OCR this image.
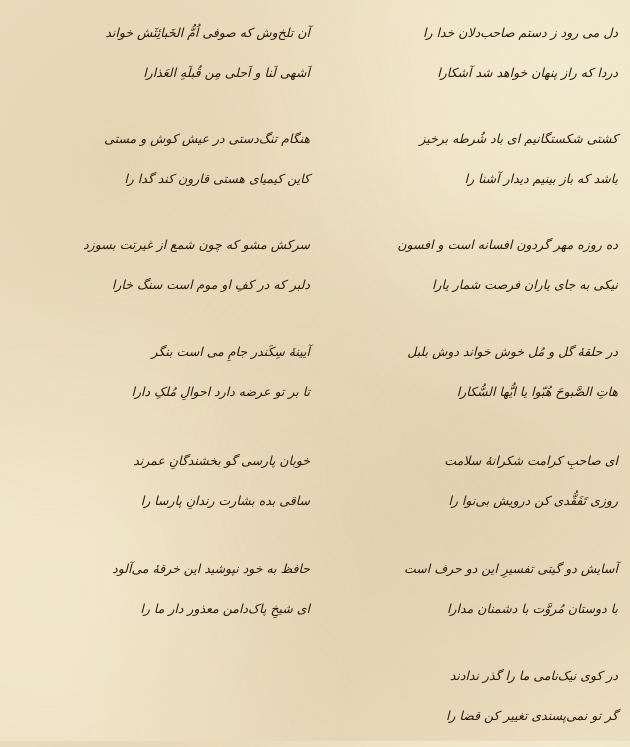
دل می رود ز دستم صاحب‌دلان خدا را
دردا که راز پنهان خواهد شد آشکارا
کشتی شکستگانیم ای باد شُرطه برخیز
باشد که باز بینیم دیدار آشنا را
ده روزه مهر گردون افسانه است و افسون
نیکی به جای یاران فرصت شمار یارا
در حلقهٔ گل و مُل خوش خواند دوش بلبل
هاتِ الصَّبوحَ هُبّوا یا ایُّها السُّکارا
ای صاحبِ کرامت شکرانهٔ سلامت
روزی تَفَقُّدی کن درویش بی‌نوا را
آسایش دو گیتی تفسیرِ این دو حرف است
با دوستان مُروَّت با دشمنان مدارا
در کوی نیک‌نامی ما را گذر ندادند
گر تو نمی‌پسندی تغییر کن قضا را
آن تلخ‌وش که صوفی اُمُّ الخَبائِثَش خواند
اَشهی لَنا و اَحلی مِن قُبلَهِ العَذارا
هنگام تنگ‌دستی در عیش کوش و مستی
کاین کیمیای هستی قارون کند گدا را
سرکش مشو که چون شمع از غیرتت بسوزد
دلبر که در کفِ او موم است سنگ خارا
آیینهٔ سِکَندر جامِ می است بنگر
تا بر تو عرضه دارد احوالِ مُلکِ دارا
خوبان پارسی گو بخشندگانِ عمرند
ساقی بده بشارت رندانِ پارسا را
حافظ به خود نپوشید این خرقهٔ می‌آلود
ای شیخِ پاک‌دامن معذور دار ما را
